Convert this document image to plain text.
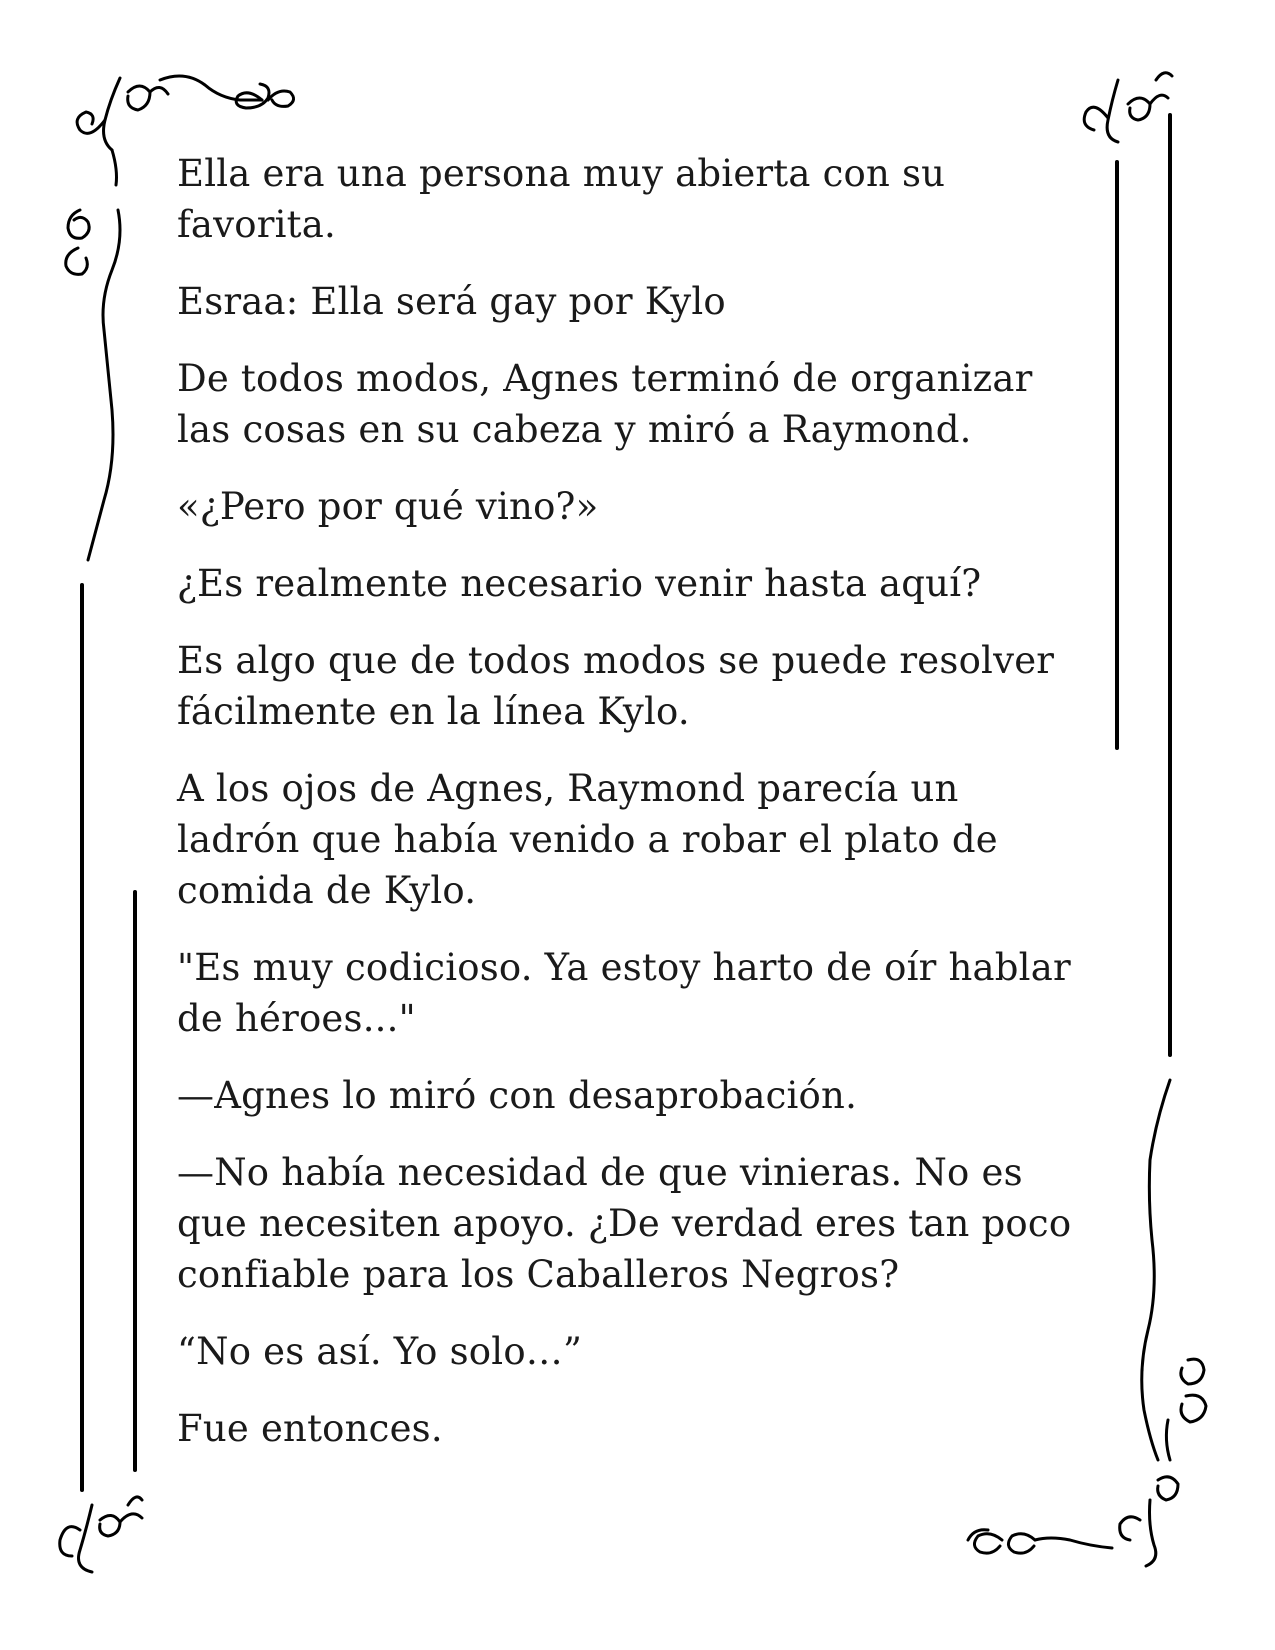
Ella era una persona muy abierta con su
favorita.

Esraa: Ella será gay por Kylo

De todos modos, Agnes terminó de organizar
las cosas en su cabeza y miró a Raymond.

«¿Pero por qué vino?»

¿Es realmente necesario venir hasta aquí?

Es algo que de todos modos se puede resolver
fácilmente en la línea Kylo.

A los ojos de Agnes, Raymond parecía un
ladrón que había venido a robar el plato de
comida de Kylo.

"Es muy codicioso. Ya estoy harto de oír hablar
de héroes..."

—Agnes lo miró con desaprobación.

—No había necesidad de que vinieras. No es
que necesiten apoyo. ¿De verdad eres tan poco
confiable para los Caballeros Negros?

“No es así. Yo solo…”

Fue entonces.
